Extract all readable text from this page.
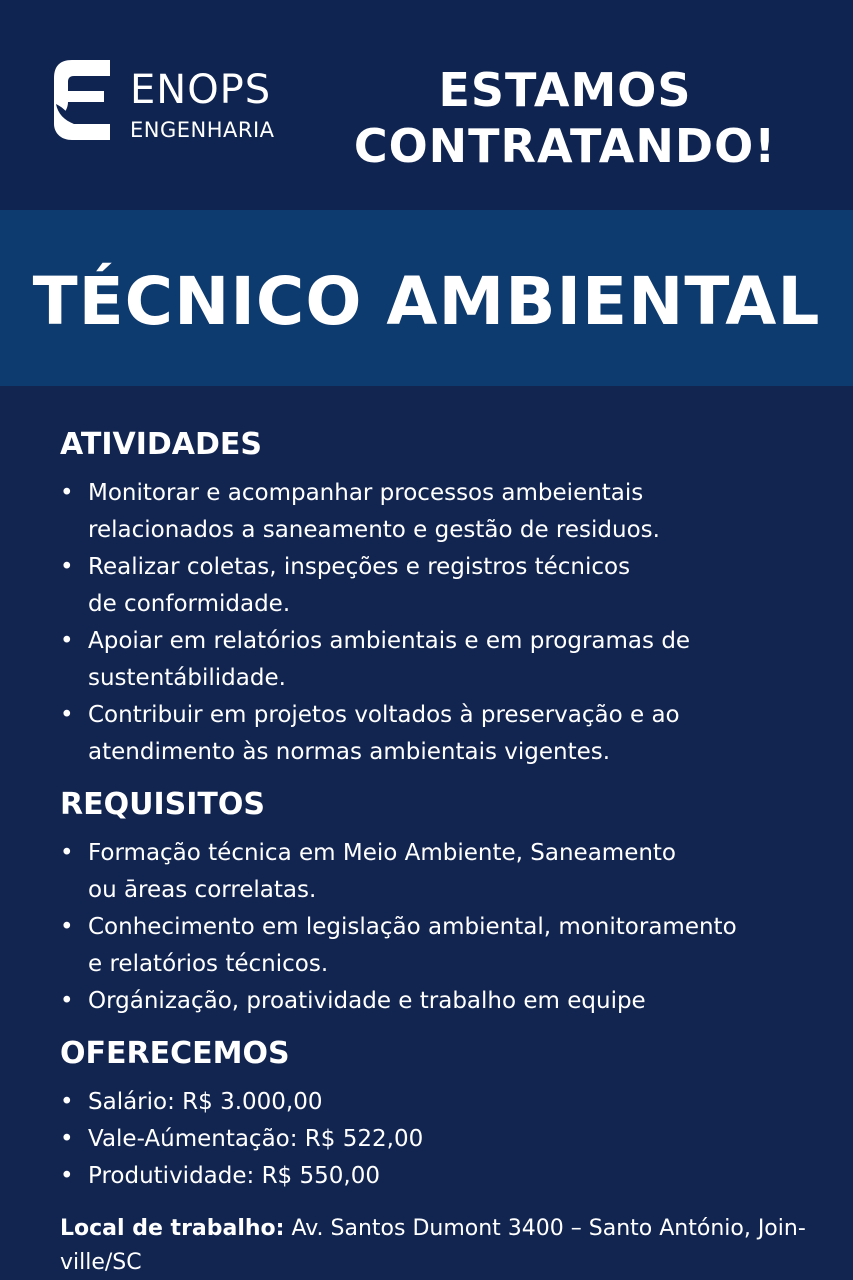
ENOPS

ENGENHARIA

ESTAMOS
CONTRATANDO!
TÉCNICO AMBIENTAL
ATIVIDADES
• Monitorar e acompanhar processos ambeientais
relacionados a saneamento e gestão de residuos.
• Realizar coletas, inspeções e registros técnicos
de conformidade.
• Apoiar em relatórios ambientais e em programas de
sustentábilidade.
• Contribuir em projetos voltados à preservação e ao
atendimento às normas ambientais vigentes.
REQUISITOS
• Formação técnica em Meio Ambiente, Saneamento
ou āreas correlatas.
• Conhecimento em legislação ambiental, monitoramento
e relatórios técnicos.
• Orgánização, proatividade e trabalho em equipe
OFERECEMOS
• Salário: R$ 3.000,00
• Vale-Aúmentação: R$ 522,00
• Produtividade: R$ 550,00

Local de trabalho: Av. Santos Dumont 3400 – Santo António, Join-
ville/SC
